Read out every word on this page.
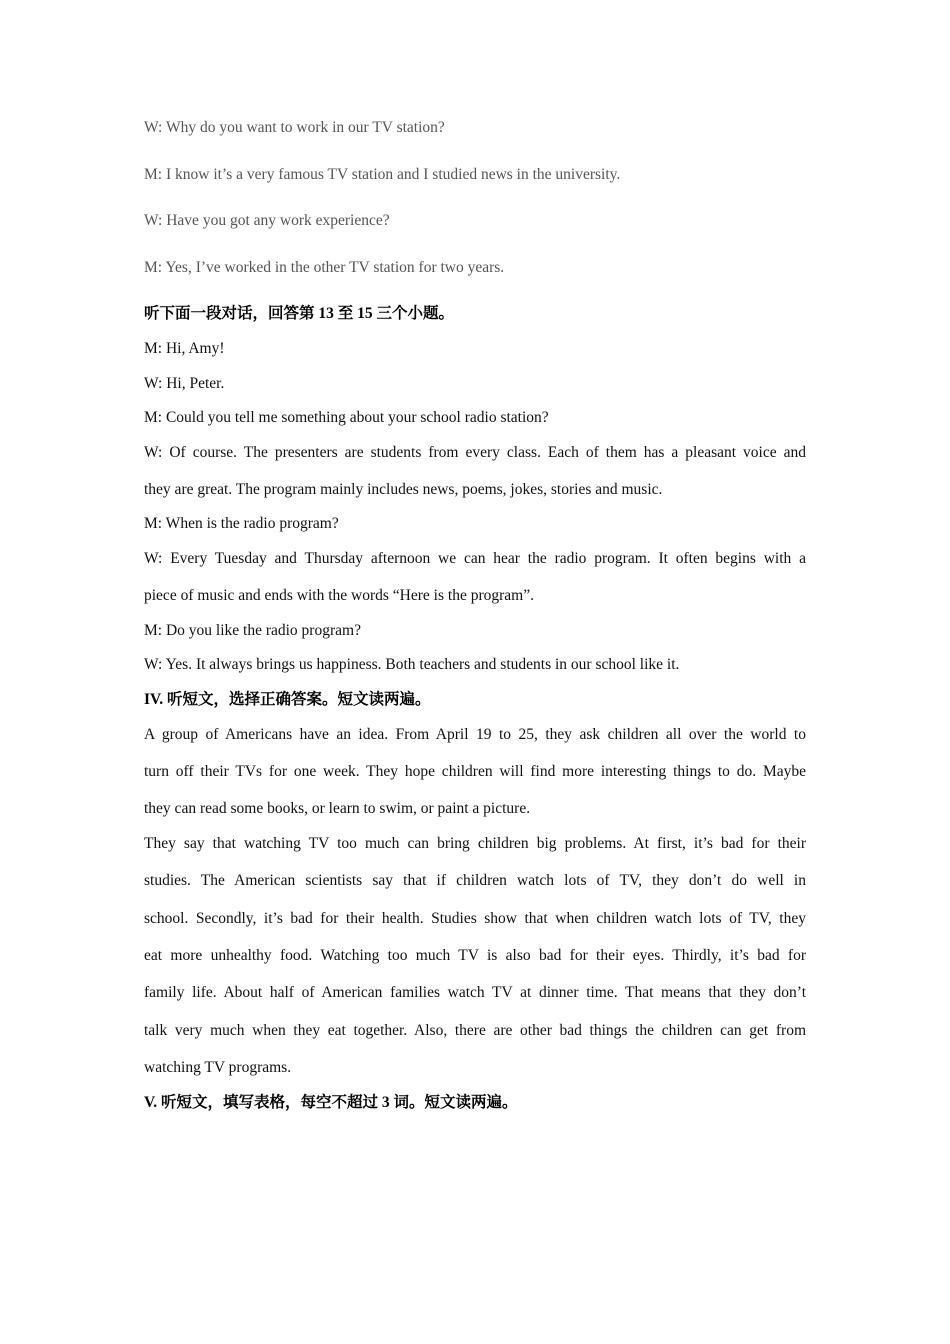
W: Why do you want to work in our TV station?
M: I know it’s a very famous TV station and I studied news in the university.
W: Have you got any work experience?
M: Yes, I’ve worked in the other TV station for two years.
听下面一段对话，回答第 13 至 15 三个小题。
M: Hi, Amy!
W: Hi, Peter.
M: Could you tell me something about your school radio station?
W: Of course. The presenters are students from every class. Each of them has a pleasant voice and
they are great. The program mainly includes news, poems, jokes, stories and music.
M: When is the radio program?
W: Every Tuesday and Thursday afternoon we can hear the radio program. It often begins with a
piece of music and ends with the words “Here is the program”.
M: Do you like the radio program?
W: Yes. It always brings us happiness. Both teachers and students in our school like it.
IV. 听短文，选择正确答案。短文读两遍。
A group of Americans have an idea. From April 19 to 25, they ask children all over the world to
turn off their TVs for one week. They hope children will find more interesting things to do. Maybe
they can read some books, or learn to swim, or paint a picture.
They say that watching TV too much can bring children big problems. At first, it’s bad for their
studies. The American scientists say that if children watch lots of TV, they don’t do well in
school. Secondly, it’s bad for their health. Studies show that when children watch lots of TV, they
eat more unhealthy food. Watching too much TV is also bad for their eyes. Thirdly, it’s bad for
family life. About half of American families watch TV at dinner time. That means that they don’t
talk very much when they eat together. Also, there are other bad things the children can get from
watching TV programs.
V. 听短文，填写表格，每空不超过 3 词。短文读两遍。
